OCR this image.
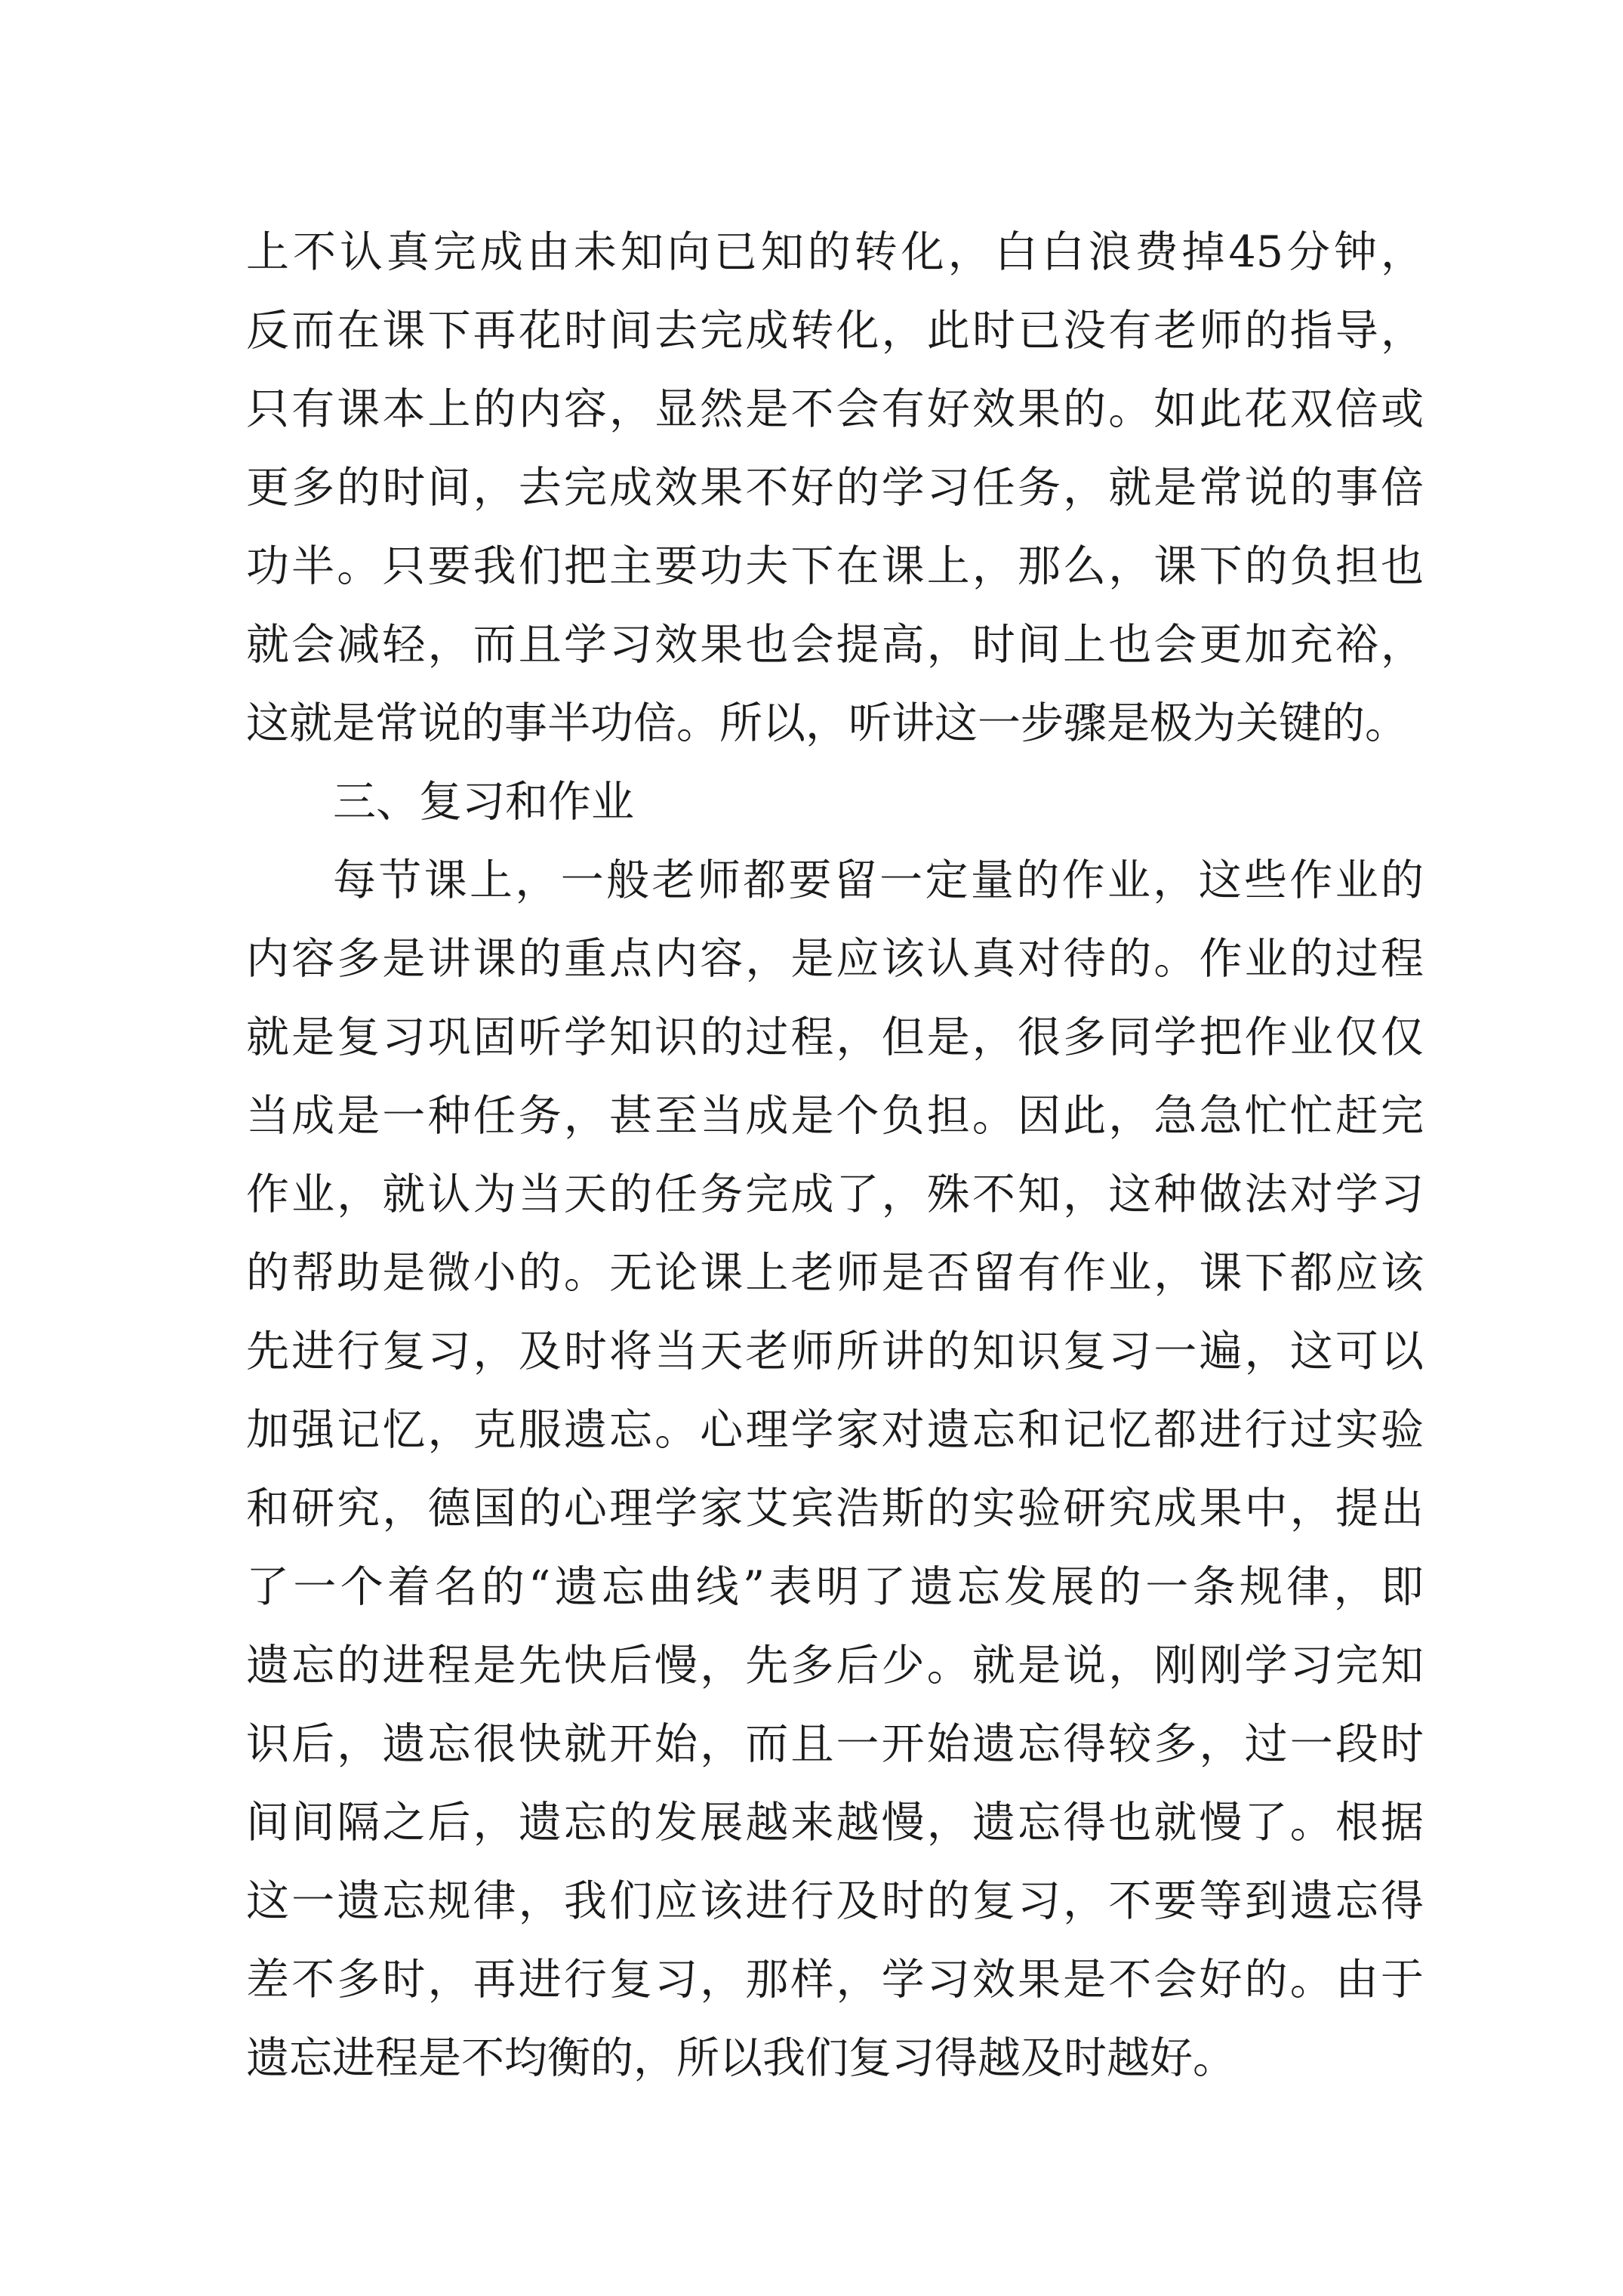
上不认真完成由未知向已知的转化，白白浪费掉45分钟，
反而在课下再花时间去完成转化，此时已没有老师的指导，
只有课本上的内容，显然是不会有好效果的。如此花双倍或
更多的时间，去完成效果不好的学习任务，就是常说的事倍
功半。只要我们把主要功夫下在课上，那么，课下的负担也
就会减轻，而且学习效果也会提高，时间上也会更加充裕，
这就是常说的事半功倍。所以，听讲这一步骤是极为关键的。
三、复习和作业
每节课上，一般老师都要留一定量的作业，这些作业的
内容多是讲课的重点内容，是应该认真对待的。作业的过程
就是复习巩固听学知识的过程，但是，很多同学把作业仅仅
当成是一种任务，甚至当成是个负担。因此，急急忙忙赶完
作业，就认为当天的任务完成了，殊不知，这种做法对学习
的帮助是微小的。无论课上老师是否留有作业，课下都应该
先进行复习，及时将当天老师所讲的知识复习一遍，这可以
加强记忆，克服遗忘。心理学家对遗忘和记忆都进行过实验
和研究，德国的心理学家艾宾浩斯的实验研究成果中，提出
了一个着名的“遗忘曲线”表明了遗忘发展的一条规律，即
遗忘的进程是先快后慢，先多后少。就是说，刚刚学习完知
识后，遗忘很快就开始，而且一开始遗忘得较多，过一段时
间间隔之后，遗忘的发展越来越慢，遗忘得也就慢了。根据
这一遗忘规律，我们应该进行及时的复习，不要等到遗忘得
差不多时，再进行复习，那样，学习效果是不会好的。由于
遗忘进程是不均衡的，所以我们复习得越及时越好。
